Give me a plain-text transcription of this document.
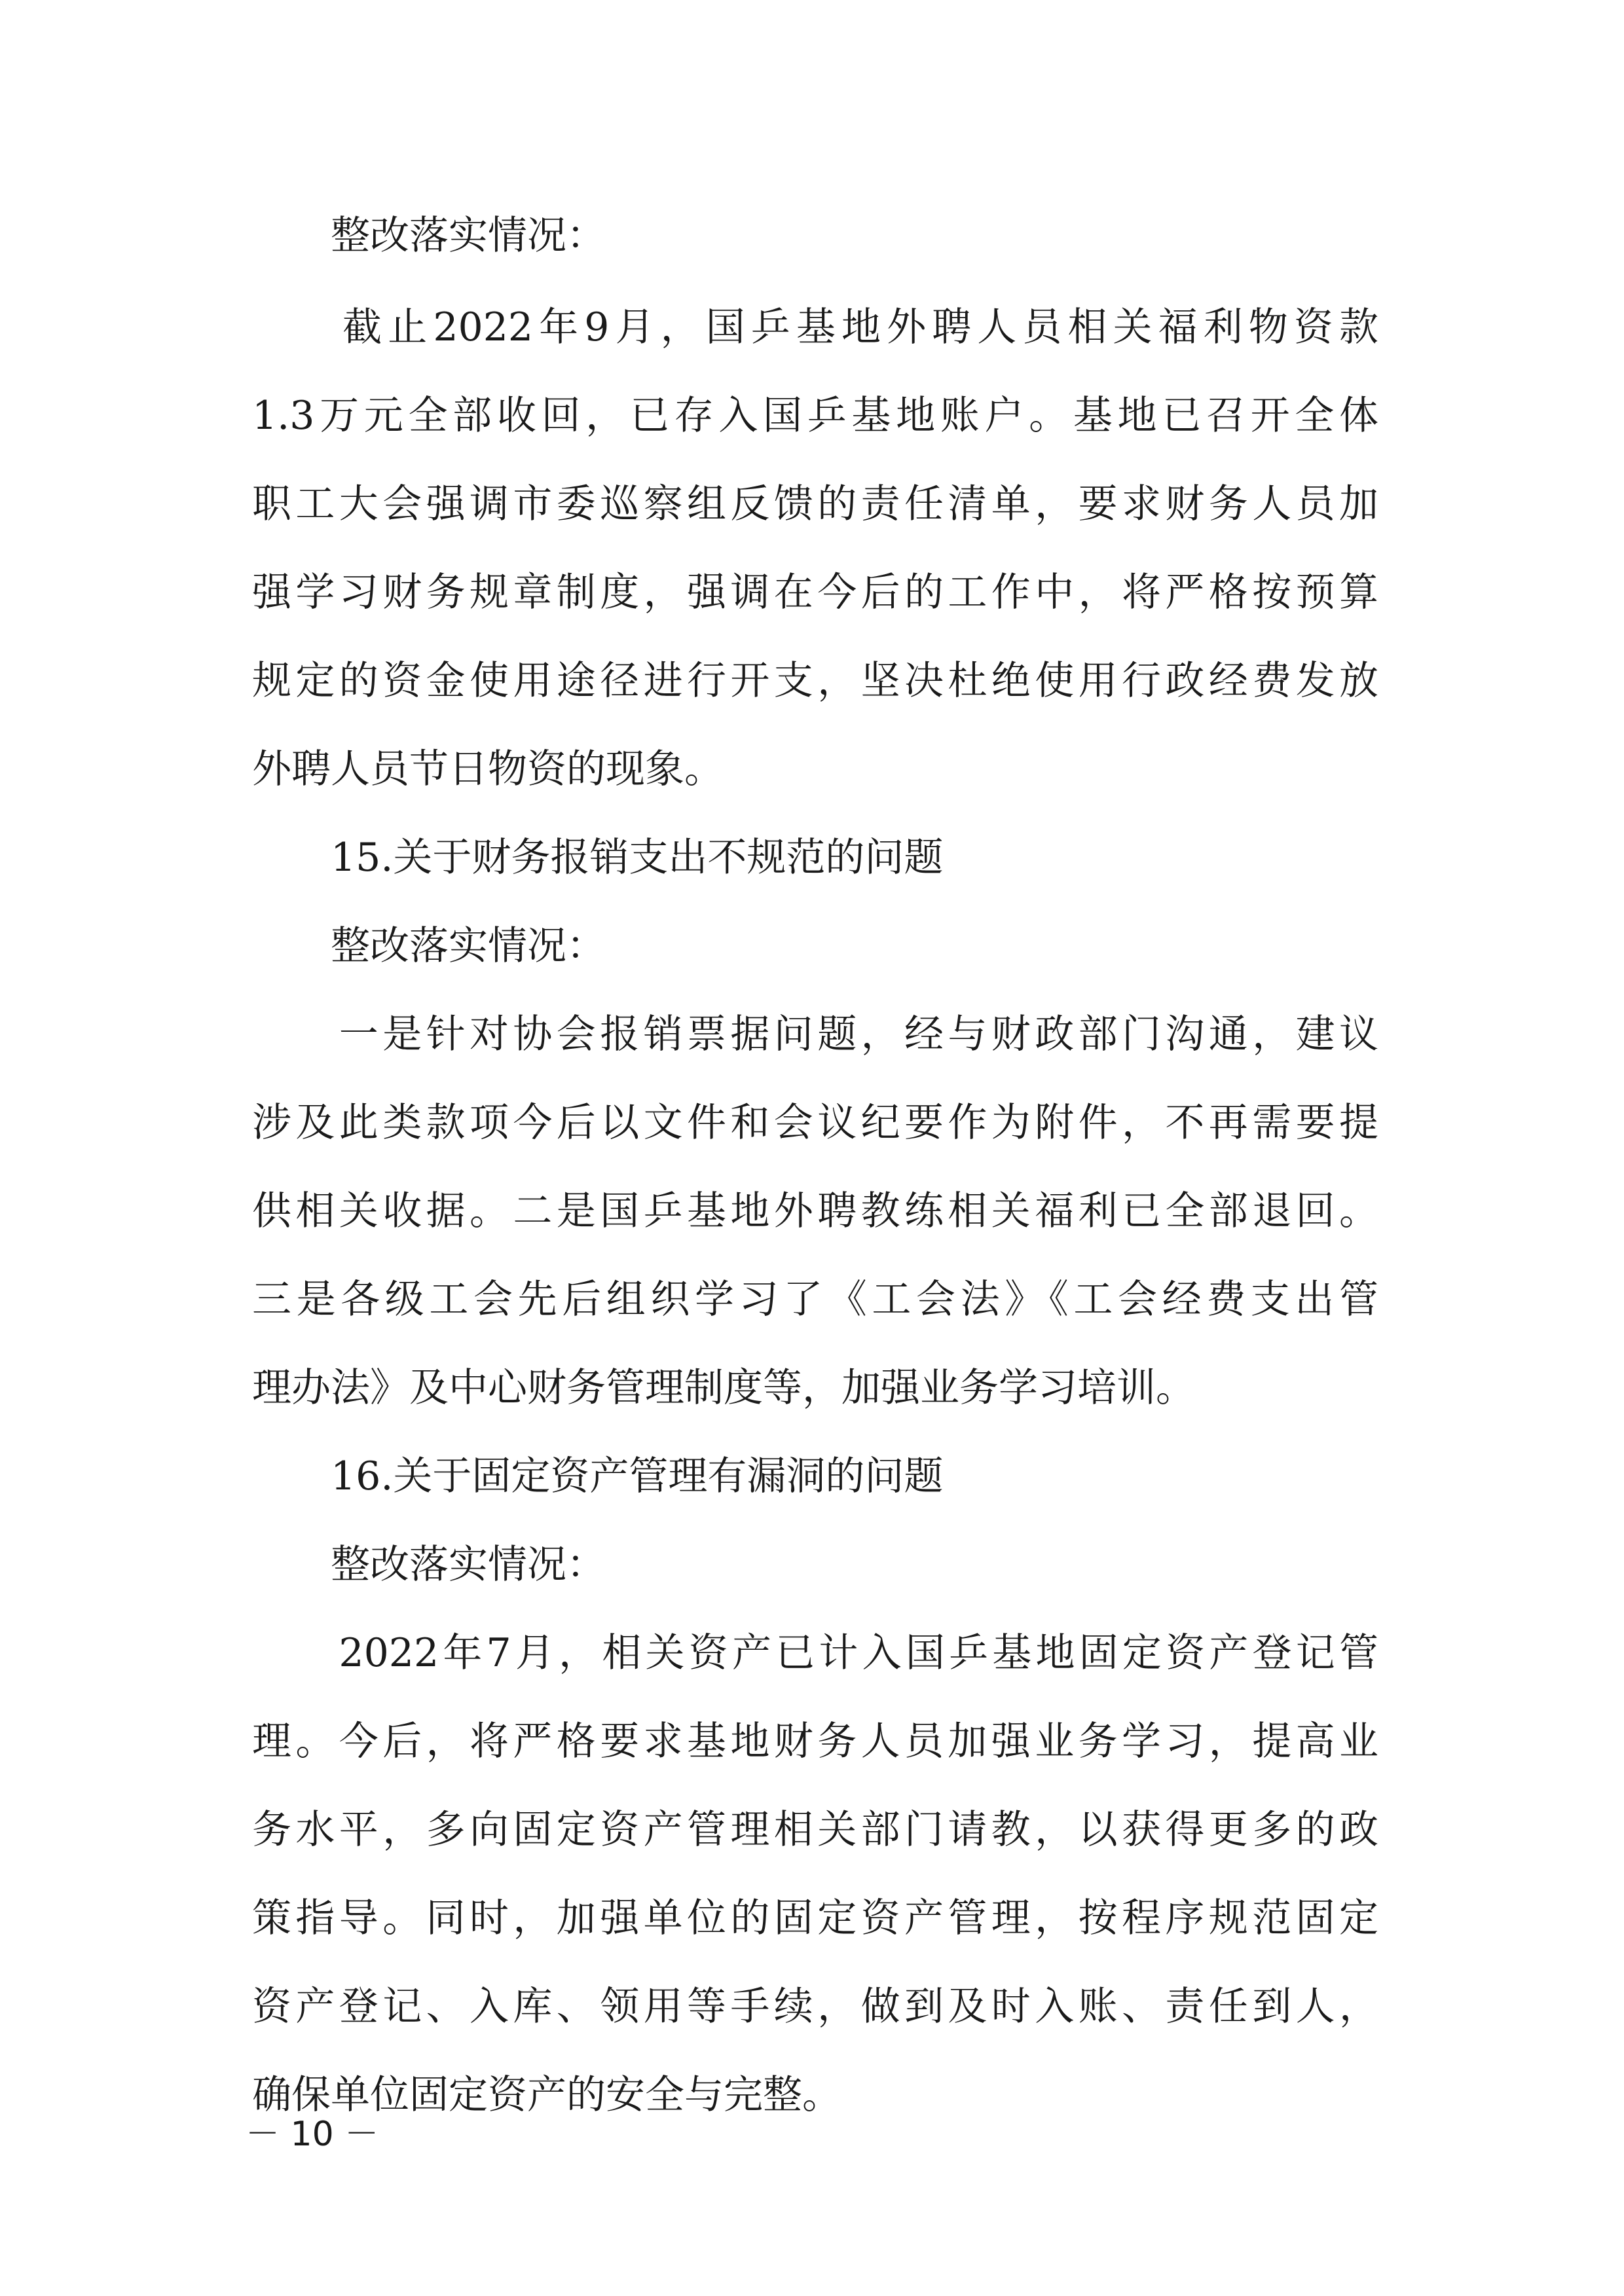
　　整改落实情况：
　　截止2022年9月，国乒基地外聘人员相关福利物资款
1.3万元全部收回，已存入国乒基地账户。基地已召开全体
职工大会强调市委巡察组反馈的责任清单，要求财务人员加
强学习财务规章制度，强调在今后的工作中，将严格按预算
规定的资金使用途径进行开支，坚决杜绝使用行政经费发放
外聘人员节日物资的现象。
　　15.关于财务报销支出不规范的问题
　　整改落实情况：
　　一是针对协会报销票据问题，经与财政部门沟通，建议
涉及此类款项今后以文件和会议纪要作为附件，不再需要提
供相关收据。二是国乒基地外聘教练相关福利已全部退回。
三是各级工会先后组织学习了《工会法》《工会经费支出管
理办法》及中心财务管理制度等，加强业务学习培训。
　　16.关于固定资产管理有漏洞的问题
　　整改落实情况：
　　2022年7月，相关资产已计入国乒基地固定资产登记管
理。今后，将严格要求基地财务人员加强业务学习，提高业
务水平，多向固定资产管理相关部门请教，以获得更多的政
策指导。同时，加强单位的固定资产管理，按程序规范固定
资产登记、入库、领用等手续，做到及时入账、责任到人，
确保单位固定资产的安全与完整。
－ 10 －
